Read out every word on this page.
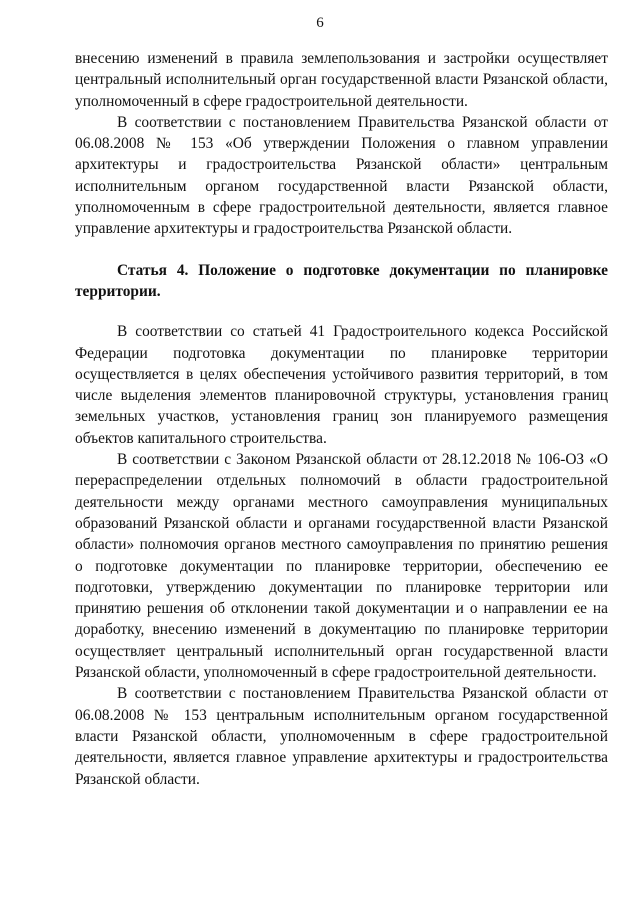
6

внесению изменений в правила землепользования и застройки осуществляет центральный исполнительный орган государственной власти Рязанской области, уполномоченный в сфере градостроительной деятельности.

В соответствии с постановлением Правительства Рязанской области от 06.08.2008 № 153 «Об утверждении Положения о главном управлении архитектуры и градостроительства Рязанской области» центральным исполнительным органом государственной власти Рязанской области, уполномоченным в сфере градостроительной деятельности, является главное управление архитектуры и градостроительства Рязанской области.

Статья 4. Положение о подготовке документации по планировке территории.

В соответствии со статьей 41 Градостроительного кодекса Российской Федерации подготовка документации по планировке территории осуществляется в целях обеспечения устойчивого развития территорий, в том числе выделения элементов планировочной структуры, установления границ земельных участков, установления границ зон планируемого размещения объектов капитального строительства.

В соответствии с Законом Рязанской области от 28.12.2018 № 106-ОЗ «О перераспределении отдельных полномочий в области градостроительной деятельности между органами местного самоуправления муниципальных образований Рязанской области и органами государственной власти Рязанской области» полномочия органов местного самоуправления по принятию решения о подготовке документации по планировке территории, обеспечению ее подготовки, утверждению документации по планировке территории или принятию решения об отклонении такой документации и о направлении ее на доработку, внесению изменений в документацию по планировке территории осуществляет центральный исполнительный орган государственной власти Рязанской области, уполномоченный в сфере градостроительной деятельности.

В соответствии с постановлением Правительства Рязанской области от 06.08.2008 № 153 центральным исполнительным органом государственной власти Рязанской области, уполномоченным в сфере градостроительной деятельности, является главное управление архитектуры и градостроительства Рязанской области.
